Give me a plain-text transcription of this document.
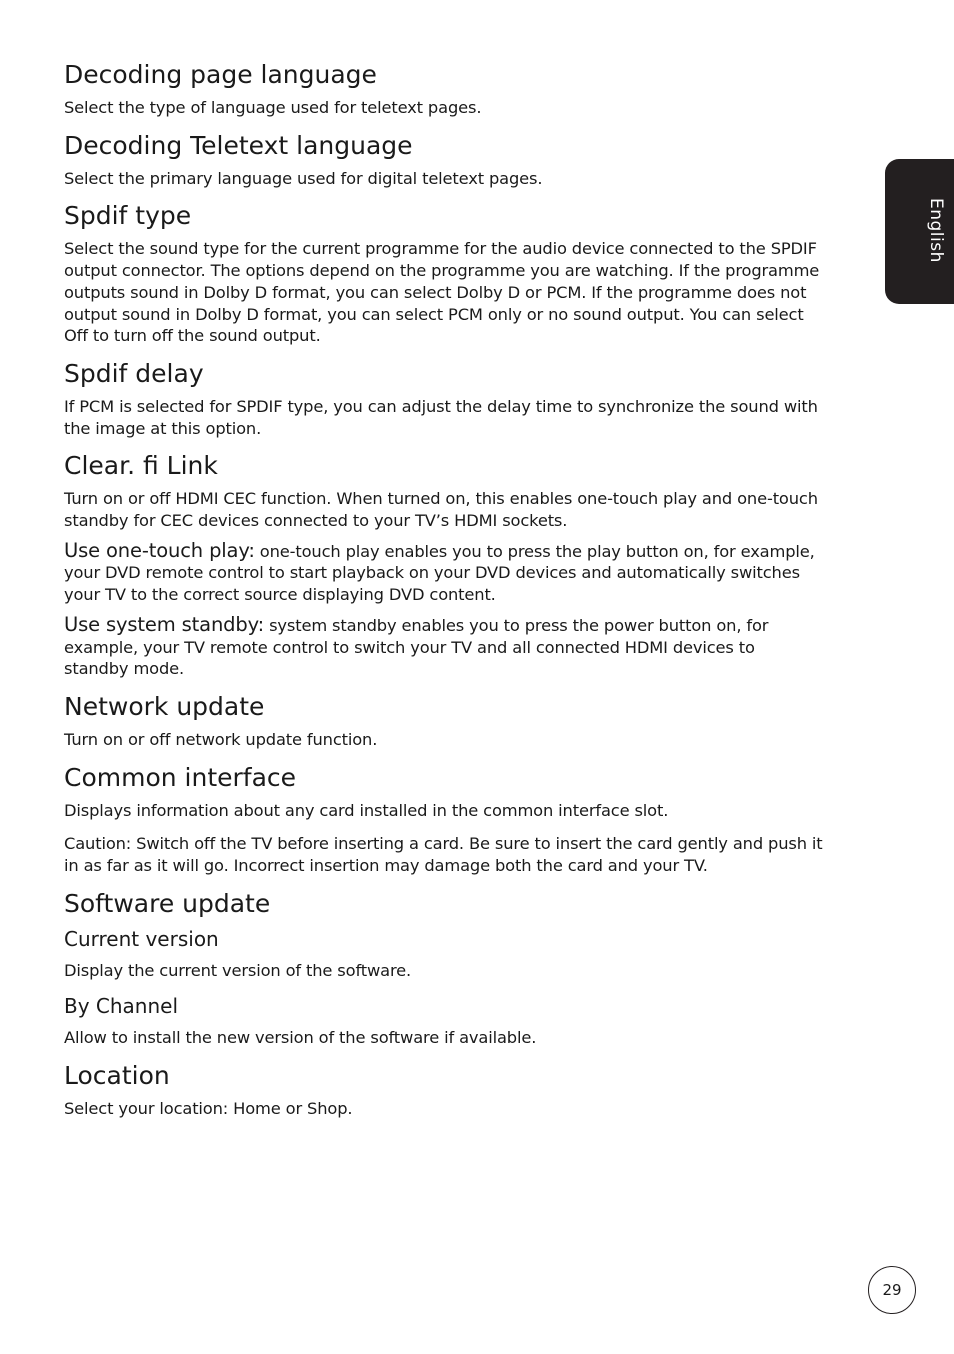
Decoding page language

Select the type of language used for teletext pages.

Decoding Teletext language

Select the primary language used for digital teletext pages.

Spdif type

Select the sound type for the current programme for the audio device connected to the SPDIF output connector. The options depend on the programme you are watching. If the programme outputs sound in Dolby D format, you can select Dolby D or PCM. If the programme does not output sound in Dolby D format, you can select PCM only or no sound output. You can select Off to turn off the sound output.

Spdif delay

If PCM is selected for SPDIF type, you can adjust the delay time to synchronize the sound with the image at this option.

Clear. fi Link

Turn on or off HDMI CEC function. When turned on, this enables one-touch play and one-touch standby for CEC devices connected to your TV’s HDMI sockets.

Use one-touch play: one-touch play enables you to press the play button on, for example, your DVD remote control to start playback on your DVD devices and automatically switches your TV to the correct source displaying DVD content.

Use system standby: system standby enables you to press the power button on, for example, your TV remote control to switch your TV and all connected HDMI devices to standby mode.

Network update

Turn on or off network update function.

Common interface

Displays information about any card installed in the common interface slot.

Caution: Switch off the TV before inserting a card. Be sure to insert the card gently and push it in as far as it will go. Incorrect insertion may damage both the card and your TV.

Software update
Current version

Display the current version of the software.

By Channel

Allow to install the new version of the software if available.

Location

Select your location: Home or Shop.

English
29
